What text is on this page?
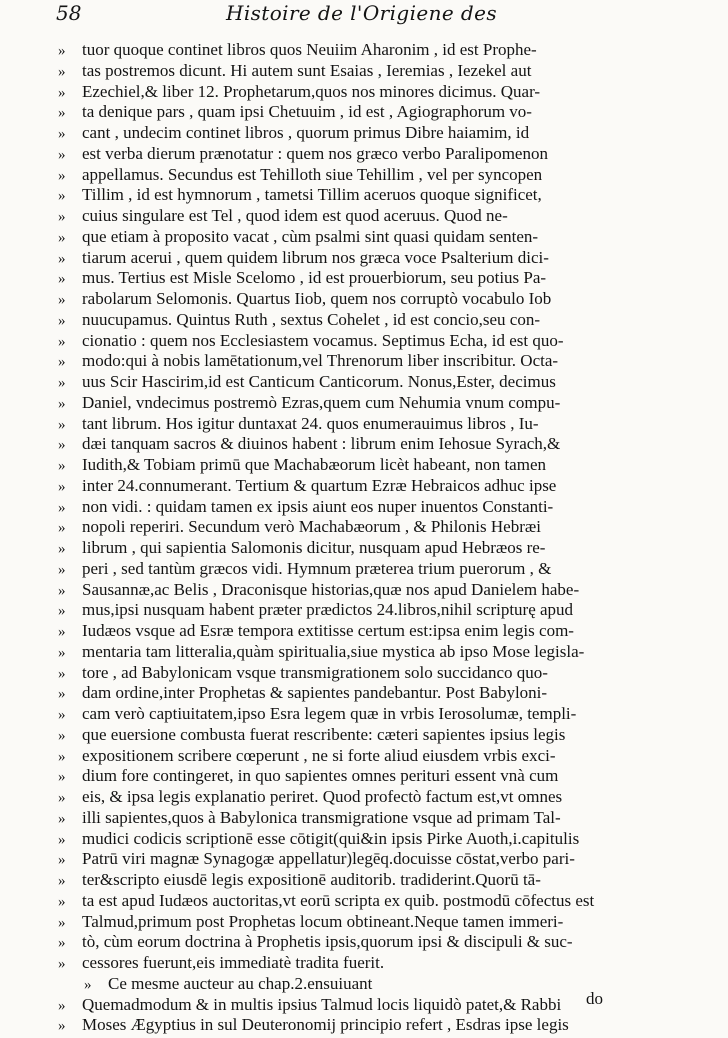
58	Histoire de l'Origiene des
» tuor quoque continet libros quos Neuiim Aharonim , id est Prophe-
» tas postremos dicunt. Hi autem sunt Esaias , Ieremias , Iezekel aut
» Ezechiel,& liber 12. Prophetarum,quos nos minores dicimus. Quar-
» ta denique pars , quam ipsi Chetuuim , id est , Agiographorum vo-
» cant , undecim continet libros , quorum primus Dibre haiamim, id
» est verba dierum prænotatur : quem nos græco verbo Paralipomenon
» appellamus. Secundus est Tehilloth siue Tehillim , vel per syncopen
» Tillim , id est hymnorum , tametsi Tillim aceruos quoque significet,
» cuius singulare est Tel , quod idem est quod aceruus. Quod ne-
» que etiam à proposito vacat , cùm psalmi sint quasi quidam senten-
» tiarum acerui , quem quidem librum nos græca voce Psalterium dici-
» mus. Tertius est Misle Scelomo , id est prouerbiorum, seu potius Pa-
» rabolarum Selomonis. Quartus Iiob, quem nos corruptò vocabulo Iob
» nuucupamus. Quintus Ruth , sextus Cohelet , id est concio,seu con-
» cionatio : quem nos Ecclesiastem vocamus. Septimus Echa, id est quo-
» modo:qui à nobis lamētationum,vel Threnorum liber inscribitur. Octa-
» uus Scir Hascirim,id est Canticum Canticorum. Nonus,Ester, decimus
» Daniel, vndecimus postremò Ezras,quem cum Nehumia vnum compu-
» tant librum. Hos igitur duntaxat 24. quos enumerauimus libros , Iu-
» dæi tanquam sacros & diuinos habent : librum enim Iehosue Syrach,&
» Iudith,& Tobiam primū que Machabæorum licèt habeant, non tamen
» inter 24.connumerant. Tertium & quartum Ezræ Hebraicos adhuc ipse
» non vidi. : quidam tamen ex ipsis aiunt eos nuper inuentos Constanti-
» nopoli reperiri. Secundum verò Machabæorum , & Philonis Hebræi
» librum , qui sapientia Salomonis dicitur, nusquam apud Hebræos re-
» peri , sed tantùm græcos vidi. Hymnum præterea trium puerorum , &
» Sausannæ,ac Belis , Draconisque historias,quæ nos apud Danielem habe-
» mus,ipsi nusquam habent præter prædictos 24.libros,nihil scripturę apud
» Iudæos vsque ad Esræ tempora extitisse certum est:ipsa enim legis com-
» mentaria tam litteralia,quàm spiritualia,siue mystica ab ipso Mose legisla-
» tore , ad Babylonicam vsque transmigrationem solo succidanco quo-
» dam ordine,inter Prophetas & sapientes pandebantur. Post Babyloni-
» cam verò captiuitatem,ipso Esra legem quæ in vrbis Ierosolumæ, templi-
» que euersione combusta fuerat rescribente: cæteri sapientes ipsius legis
» expositionem scribere cœperunt , ne si forte aliud eiusdem vrbis exci-
» dium fore contingeret, in quo sapientes omnes perituri essent vnà cum
» eis, & ipsa legis explanatio periret. Quod profectò factum est,vt omnes
» illi sapientes,quos à Babylonica transmigratione vsque ad primam Tal-
» mudici codicis scriptionē esse cōtigit(qui&in ipsis Pirke Auoth,i.capitulis
» Patrū viri magnæ Synagogæ appellatur)legēq.docuisse cōstat,verbo pari-
» ter&scripto eiusdē legis expositionē auditorib. tradiderint.Quorū tā-
» ta est apud Iudæos auctoritas,vt eorū scripta ex quib. postmodū cōfectus est
» Talmud,primum post Prophetas locum obtineant.Neque tamen immeri-
» tò, cùm eorum doctrina à Prophetis ipsis,quorum ipsi & discipuli & suc-
» cessores fuerunt,eis immediatè tradita fuerit.
» Ce mesme aucteur au chap.2.ensuiuant
» Quemadmodum & in multis ipsius Talmud locis liquidò patet,& Rabbi
» Moses Ægyptius in sul Deuteronomij principio refert , Esdras ipse legis
do
